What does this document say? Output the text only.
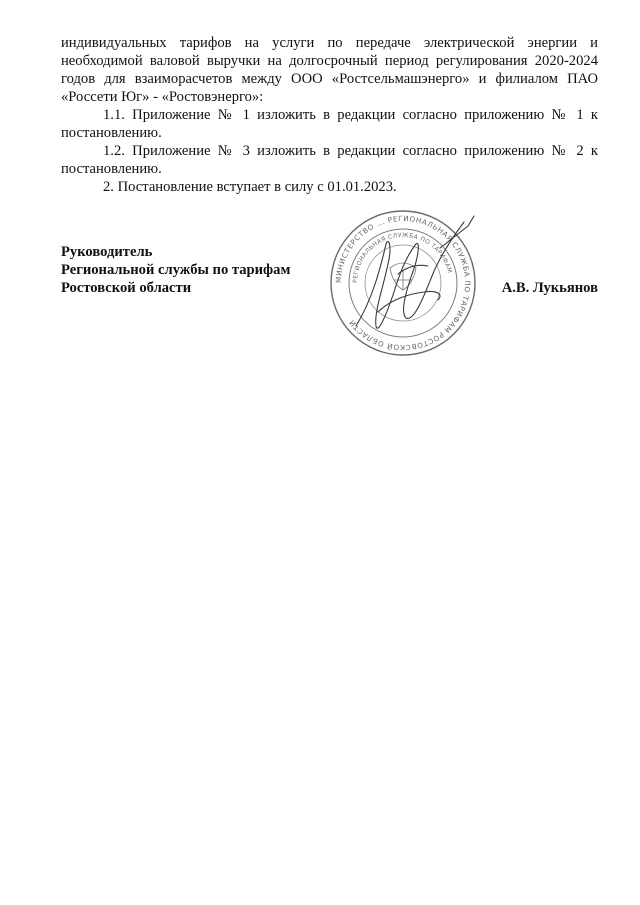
индивидуальных тарифов на услуги по передаче электрической энергии и необходимой валовой выручки на долгосрочный период регулирования 2020-2024 годов для взаиморасчетов между ООО «Ростсельмашэнерго» и филиалом ПАО «Россети Юг» - «Ростовэнерго»:

1.1. Приложение № 1 изложить в редакции согласно приложению № 1 к постановлению.

1.2. Приложение № 3 изложить в редакции согласно приложению № 2 к постановлению.

2. Постановление вступает в силу с 01.01.2023.

Руководитель
Региональной службы по тарифам
Ростовской области	А.В. Лукьянов
МИНИСТЕРСТВО ... РЕГИОНАЛЬНАЯ СЛУЖБА ПО ТАРИФАМ РОСТОВСКОЙ ОБЛАСТИ
РЕГИОНАЛЬНАЯ СЛУЖБА ПО ТАРИФАМ
